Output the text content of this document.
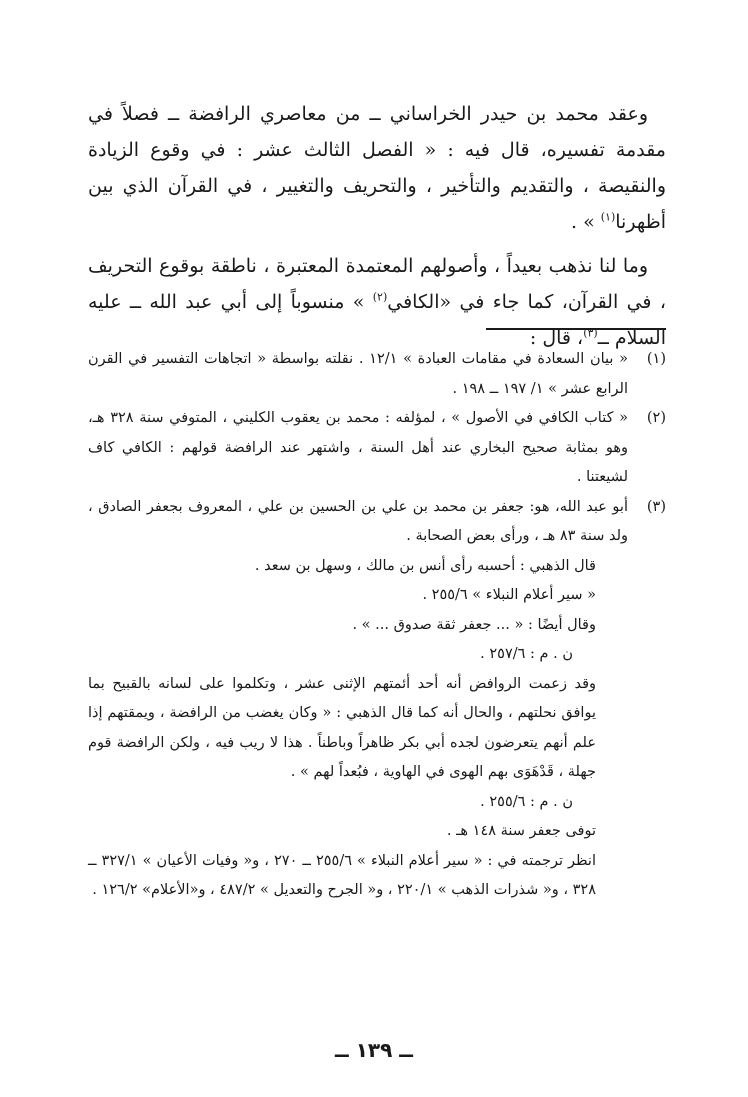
وعقد محمد بن حيدر الخراساني ــ من معاصري الرافضة ــ فصلاً في مقدمة تفسيره، قال فيه : « الفصل الثالث عشر : في وقوع الزيادة والنقيصة ، والتقديم والتأخير ، والتحريف والتغيير ، في القرآن الذي بين أظهرنا$^{(١)}$ » .

وما لنا نذهب بعيداً ، وأصولهم المعتمدة المعتبرة ، ناطقة بوقوع التحريف ، في القرآن، كما جاء في «الكافي$^{(٢)}$ » منسوباً إلى أبي عبد الله ــ عليه السلام ــ$^{(٣)}$، قال :

(١)

« بيان السعادة في مقامات العبادة » ١٢/١ . نقلته بواسطة « اتجاهات التفسير في القرن الرابع عشر » ١/ ١٩٧ ــ ١٩٨ .

(٢)

« كتاب الكافي في الأصول » ، لمؤلفه : محمد بن يعقوب الكليني ، المتوفي سنة ٣٢٨ هـ، وهو بمثابة صحيح البخاري عند أهل السنة ، واشتهر عند الرافضة قولهم : الكافي كاف لشيعتنا .

(٣)

أبو عبد الله، هو: جعفر بن محمد بن علي بن الحسين بن علي ، المعروف بجعفر الصادق ، ولد سنة ٨٣ هـ ، ورأى بعض الصحابة .

قال الذهبي : أحسبه رأى أنس بن مالك ، وسهل بن سعد .

« سير أعلام النبلاء » ٢٥٥/٦ .

وقال أيضًا : « ... جعفر ثقة صدوق ... » .

ن . م : ٢٥٧/٦ .

وقد زعمت الروافض أنه أحد أئمتهم الإثنى عشر ، وتكلموا على لسانه بالقبيح بما يوافق نحلتهم ، والحال أنه كما قال الذهبي : « وكان يغضب من الرافضة ، ويمقتهم إذا علم أنهم يتعرضون لجده أبي بكر ظاهراً وباطناً . هذا لا ريب فيه ، ولكن الرافضة قوم جهلة ، قَدْهَوَى بهم الهوى في الهاوية ، فبُعداً لهم » .

ن . م : ٢٥٥/٦ .

توفى جعفر سنة ١٤٨ هـ .

انظر ترجمته في : « سير أعلام النبلاء » ٢٥٥/٦ ــ ٢٧٠ ، و« وفيات الأعيان » ٣٢٧/١ ــ ٣٢٨ ، و« شذرات الذهب » ٢٢٠/١ ، و« الجرح والتعديل » ٤٨٧/٢ ، و«الأعلام» ١٢٦/٢ .

ــ ١٣٩ ــ
